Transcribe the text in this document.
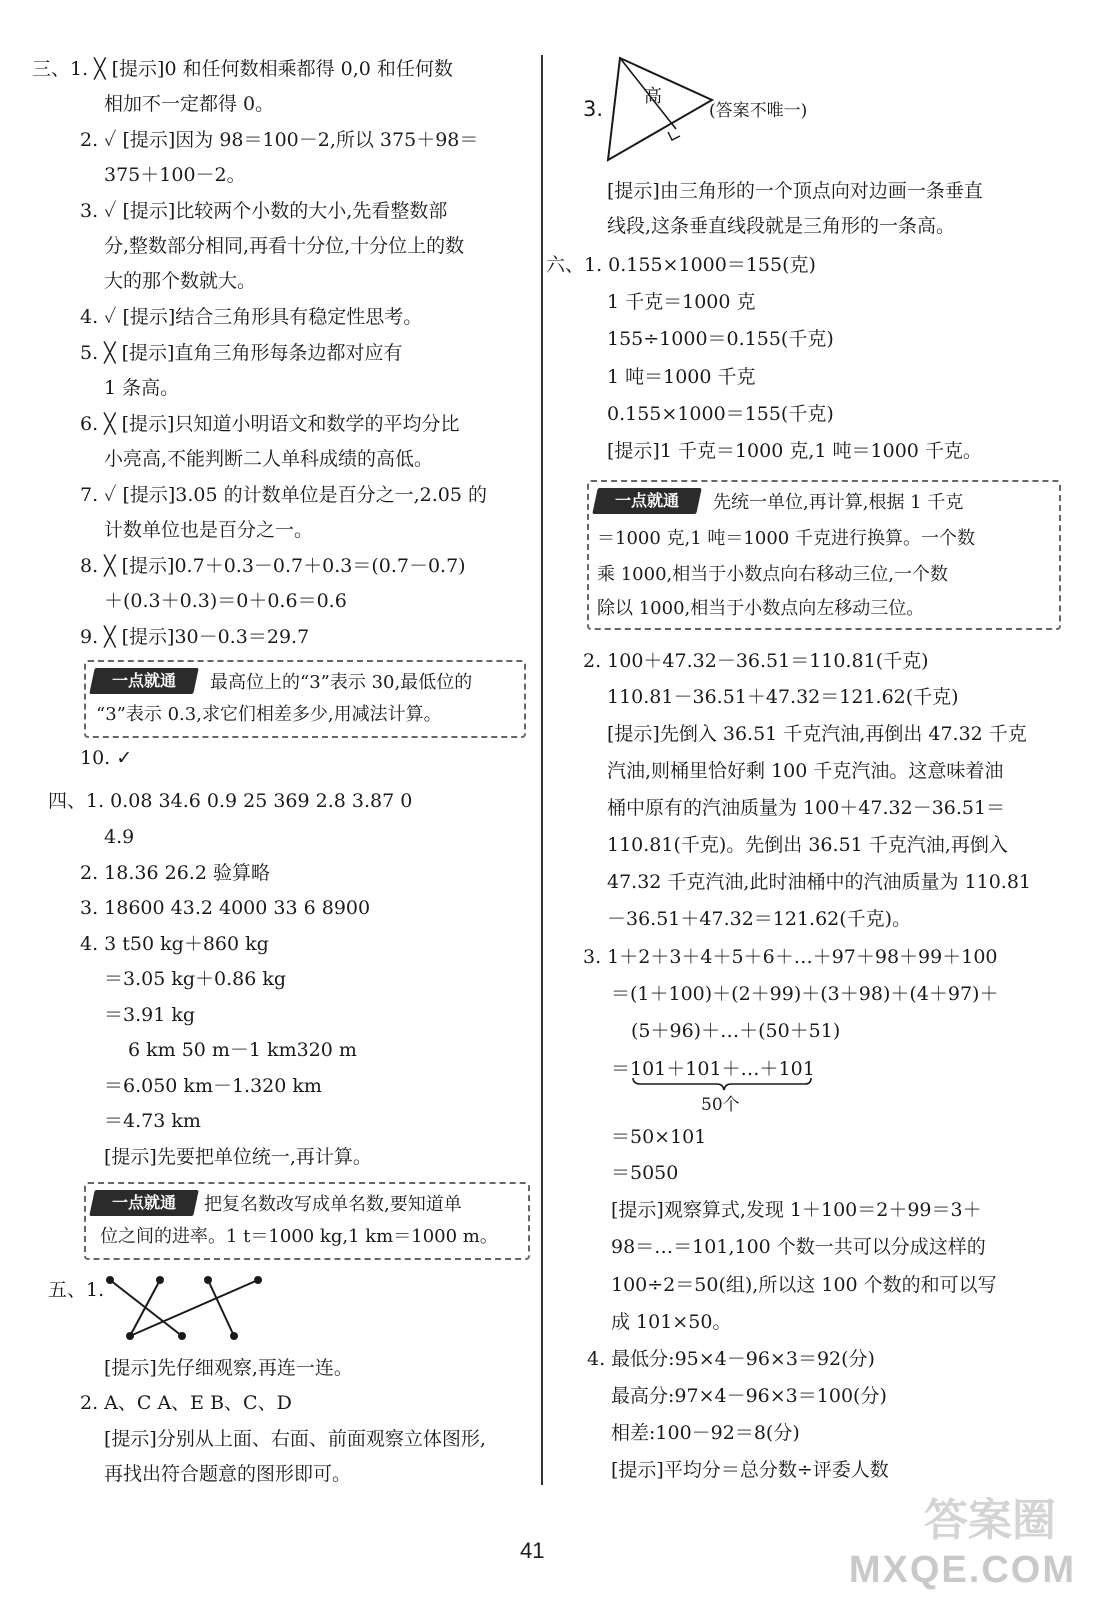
三、1. ╳ [提示]0 和任何数相乘都得 0,0 和任何数
相加不一定都得 0。
2. ✓ [提示]因为 98＝100－2,所以 375＋98＝
375＋100－2。
3. ✓ [提示]比较两个小数的大小,先看整数部
分,整数部分相同,再看十分位,十分位上的数
大的那个数就大。
4. ✓ [提示]结合三角形具有稳定性思考。
5. ╳ [提示]直角三角形每条边都对应有
1 条高。
6. ╳ [提示]只知道小明语文和数学的平均分比
小亮高,不能判断二人单科成绩的高低。
7. ✓ [提示]3.05 的计数单位是百分之一,2.05 的
计数单位也是百分之一。
8. ╳ [提示]0.7＋0.3－0.7＋0.3＝(0.7－0.7)
＋(0.3＋0.3)＝0＋0.6＝0.6
9. ╳ [提示]30－0.3＝29.7
一点就通	最高位上的“3”表示 30,最低位的
“3”表示 0.3,求它们相差多少,用减法计算。
10. ✓
四、1. 0.08 34.6 0.9 25 369 2.8 3.87 0
4.9
2. 18.36 26.2 验算略
3. 18600 43.2 4000 33 6 8900
4. 3 t50 kg＋860 kg
＝3.05 kg＋0.86 kg
＝3.91 kg
6 km 50 m－1 km320 m
＝6.050 km－1.320 km
＝4.73 km
[提示]先要把单位统一,再计算。
一点就通	把复名数改写成单名数,要知道单
位之间的进率。1 t＝1000 kg,1 km＝1000 m。
五、1.
[提示]先仔细观察,再连一连。
2. A、C A、E B、C、D
[提示]分别从上面、右面、前面观察立体图形,
再找出符合题意的图形即可。
3.
高
(答案不唯一)
[提示]由三角形的一个顶点向对边画一条垂直
线段,这条垂直线段就是三角形的一条高。
六、1. 0.155×1000＝155(克)
1 千克＝1000 克
155÷1000＝0.155(千克)
1 吨＝1000 千克
0.155×1000＝155(千克)
[提示]1 千克＝1000 克,1 吨＝1000 千克。
一点就通	先统一单位,再计算,根据 1 千克
＝1000 克,1 吨＝1000 千克进行换算。一个数
乘 1000,相当于小数点向右移动三位,一个数
除以 1000,相当于小数点向左移动三位。
2. 100＋47.32－36.51＝110.81(千克)
110.81－36.51＋47.32＝121.62(千克)
[提示]先倒入 36.51 千克汽油,再倒出 47.32 千克
汽油,则桶里恰好剩 100 千克汽油。这意味着油
桶中原有的汽油质量为 100＋47.32－36.51＝
110.81(千克)。先倒出 36.51 千克汽油,再倒入
47.32 千克汽油,此时油桶中的汽油质量为 110.81
－36.51＋47.32＝121.62(千克)。
3. 1＋2＋3＋4＋5＋6＋…＋97＋98＋99＋100
＝(1＋100)＋(2＋99)＋(3＋98)＋(4＋97)＋
(5＋96)＋…＋(50＋51)
＝101＋101＋…＋101
50个
＝50×101
＝5050
[提示]观察算式,发现 1＋100＝2＋99＝3＋
98＝…＝101,100 个数一共可以分成这样的
100÷2＝50(组),所以这 100 个数的和可以写
成 101×50。
4. 最低分:95×4－96×3＝92(分)
最高分:97×4－96×3＝100(分)
相差:100－92＝8(分)
[提示]平均分＝总分数÷评委人数
41
答案圈
MXQE.COM
